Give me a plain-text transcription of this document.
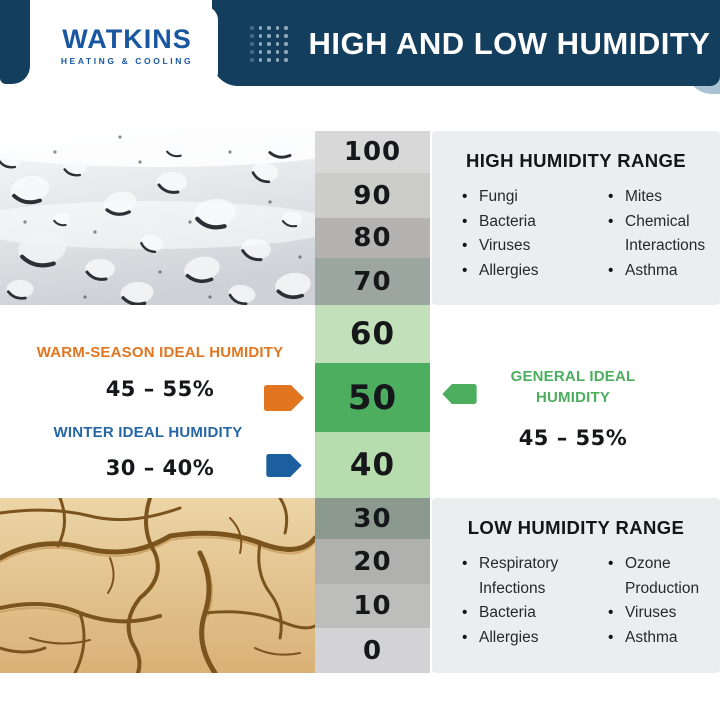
HIGH AND LOW HUMIDITY
WATKINS
HEATING & COOLING
100
90
80
70
60
50
40
30
20
10
0
HIGH HUMIDITY RANGE
• Fungi
• Bacteria
• Viruses
• Allergies
• Mites
• Chemical Interactions
• Asthma
LOW HUMIDITY RANGE
• Respiratory Infections
• Bacteria
• Allergies
• Ozone Production
• Viruses
• Asthma
WARM-SEASON IDEAL HUMIDITY
45 – 55%
WINTER IDEAL HUMIDITY
30 – 40%
GENERAL IDEAL HUMIDITY
45 – 55%
